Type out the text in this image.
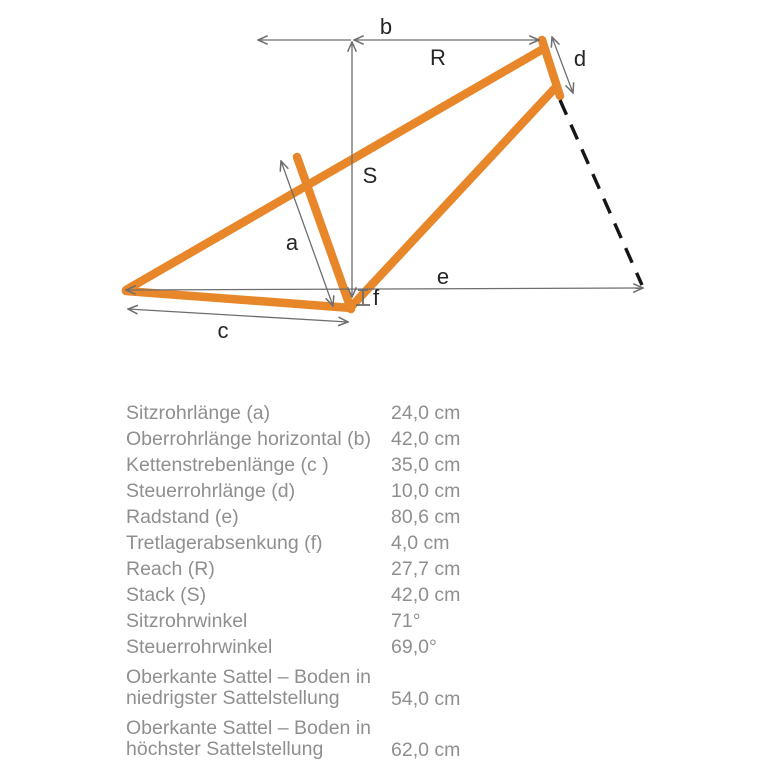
b
R	d
S
a
e
f
c
Sitzrohrlänge (a)	24,0 cm
Oberrohrlänge horizontal (b)	42,0 cm
Kettenstrebenlänge (c )	35,0 cm
Steuerrohrlänge (d)	10,0 cm
Radstand (e)	80,6 cm
Tretlagerabsenkung (f)	4,0 cm
Reach (R)	27,7 cm
Stack (S)	42,0 cm
Sitzrohrwinkel	71°
Steuerrohrwinkel	69,0°
Oberkante Sattel – Boden in
niedrigster Sattelstellung	54,0 cm
Oberkante Sattel – Boden in
höchster Sattelstellung	62,0 cm
